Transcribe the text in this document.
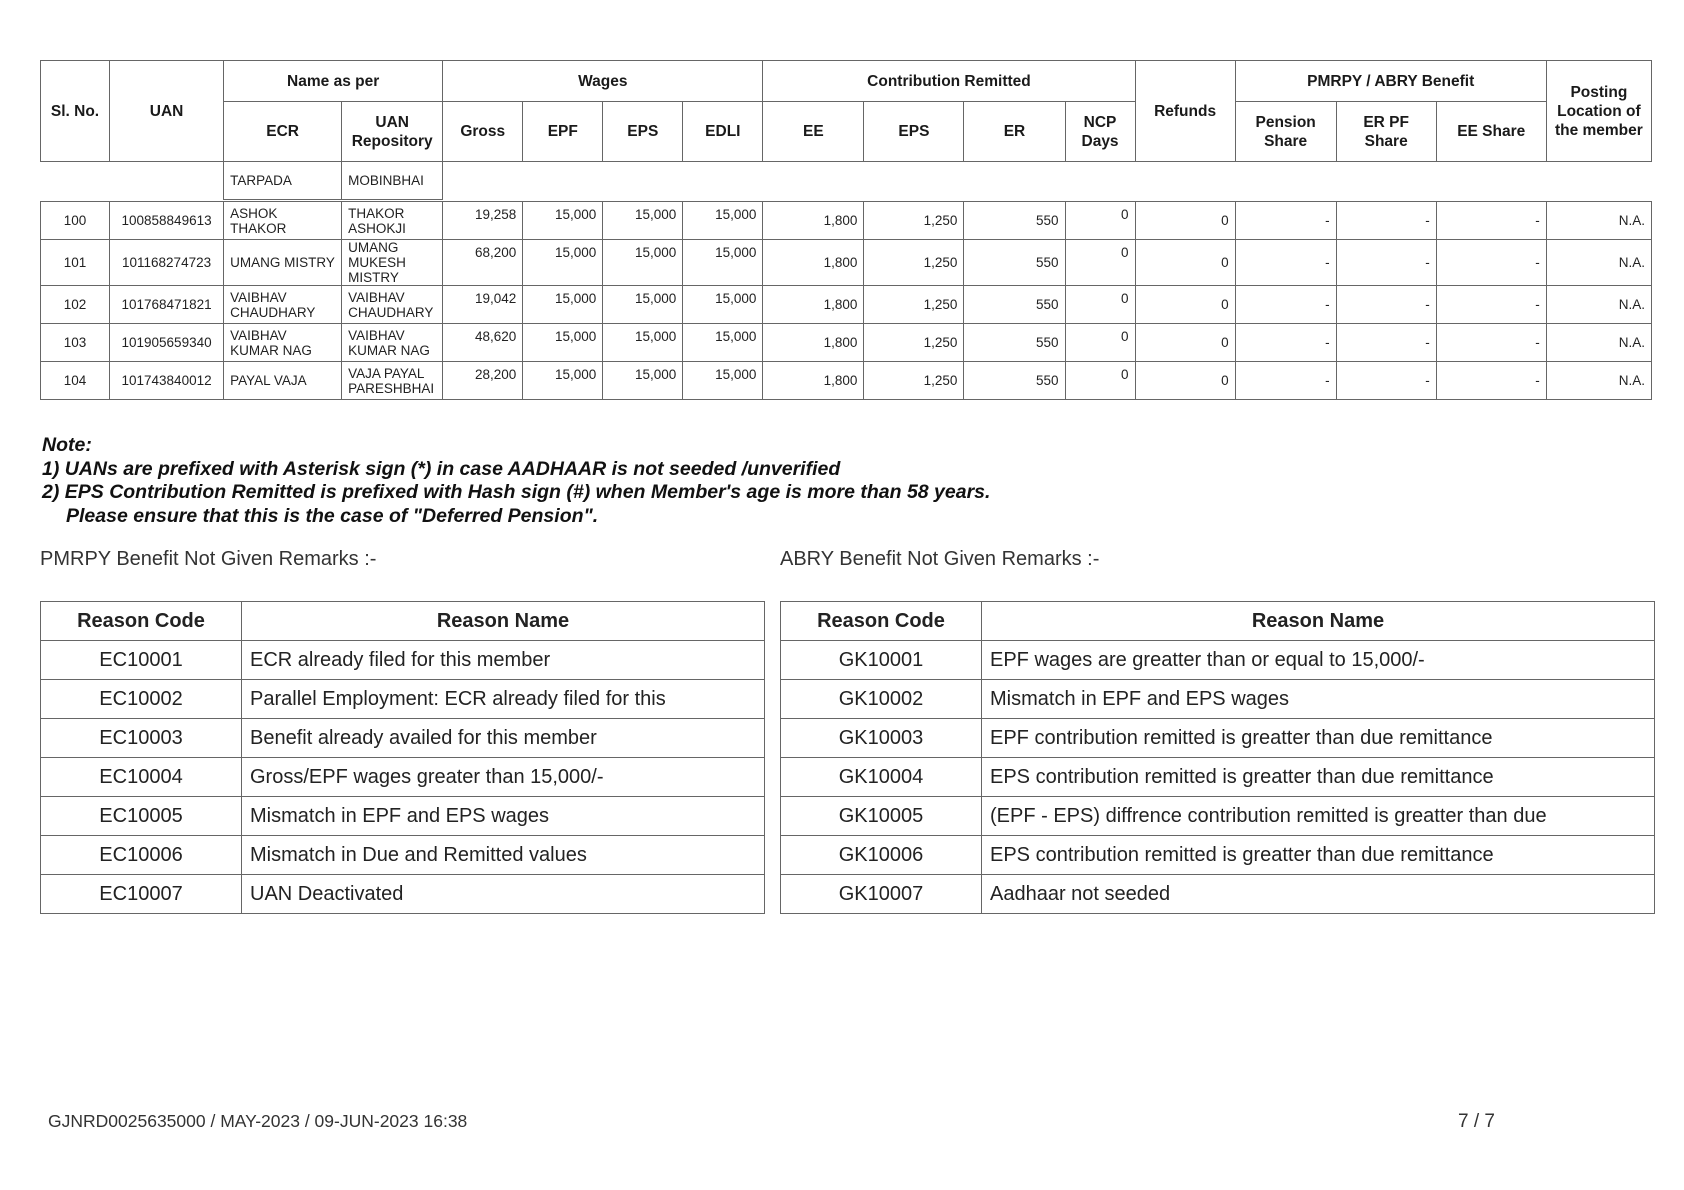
Sl. No.	UAN	Name as per		Wages				Contribution Remitted				Refunds	PMRPY / ABRY Benefit			Posting Location of the member
		ECR	UAN Repository	Gross	EPF	EPS	EDLI	EE	EPS	ER	NCP Days		Pension Share	ER PF Share	EE Share	
		TARPADA	MOBINBHAI													

100	100858849613	ASHOK THAKOR	THAKOR ASHOKJI	19,258	15,000	15,000	15,000	1,800	1,250	550	0	0	-	-	-	N.A.
101	101168274723	UMANG MISTRY	UMANG MUKESH MISTRY	68,200	15,000	15,000	15,000	1,800	1,250	550	0	0	-	-	-	N.A.
102	101768471821	VAIBHAV CHAUDHARY	VAIBHAV CHAUDHARY	19,042	15,000	15,000	15,000	1,800	1,250	550	0	0	-	-	-	N.A.
103	101905659340	VAIBHAV KUMAR NAG	VAIBHAV KUMAR NAG	48,620	15,000	15,000	15,000	1,800	1,250	550	0	0	-	-	-	N.A.
104	101743840012	PAYAL VAJA	VAJA PAYAL PARESHBHAI	28,200	15,000	15,000	15,000	1,800	1,250	550	0	0	-	-	-	N.A.
Note:
1) UANs are prefixed with Asterisk sign (*) in case AADHAAR is not seeded /unverified
2) EPS Contribution Remitted is prefixed with Hash sign (#) when Member's age is more than 58 years.
Please ensure that this is the case of "Deferred Pension".
PMRPY Benefit Not Given Remarks :-	ABRY Benefit Not Given Remarks :-
Reason Code	Reason Name
EC10001	ECR already filed for this member
EC10002	Parallel Employment: ECR already filed for this
EC10003	Benefit already availed for this member
EC10004	Gross/EPF wages greater than 15,000/-
EC10005	Mismatch in EPF and EPS wages
EC10006	Mismatch in Due and Remitted values
EC10007	UAN Deactivated
Reason Code	Reason Name
GK10001	EPF wages are greatter than or equal to 15,000/-
GK10002	Mismatch in EPF and EPS wages
GK10003	EPF contribution remitted is greatter than due remittance
GK10004	EPS contribution remitted is greatter than due remittance
GK10005	(EPF - EPS) diffrence contribution remitted is greatter than due
GK10006	EPS contribution remitted is greatter than due remittance
GK10007	Aadhaar not seeded
GJNRD0025635000 / MAY-2023 / 09-JUN-2023 16:38	7 / 7
